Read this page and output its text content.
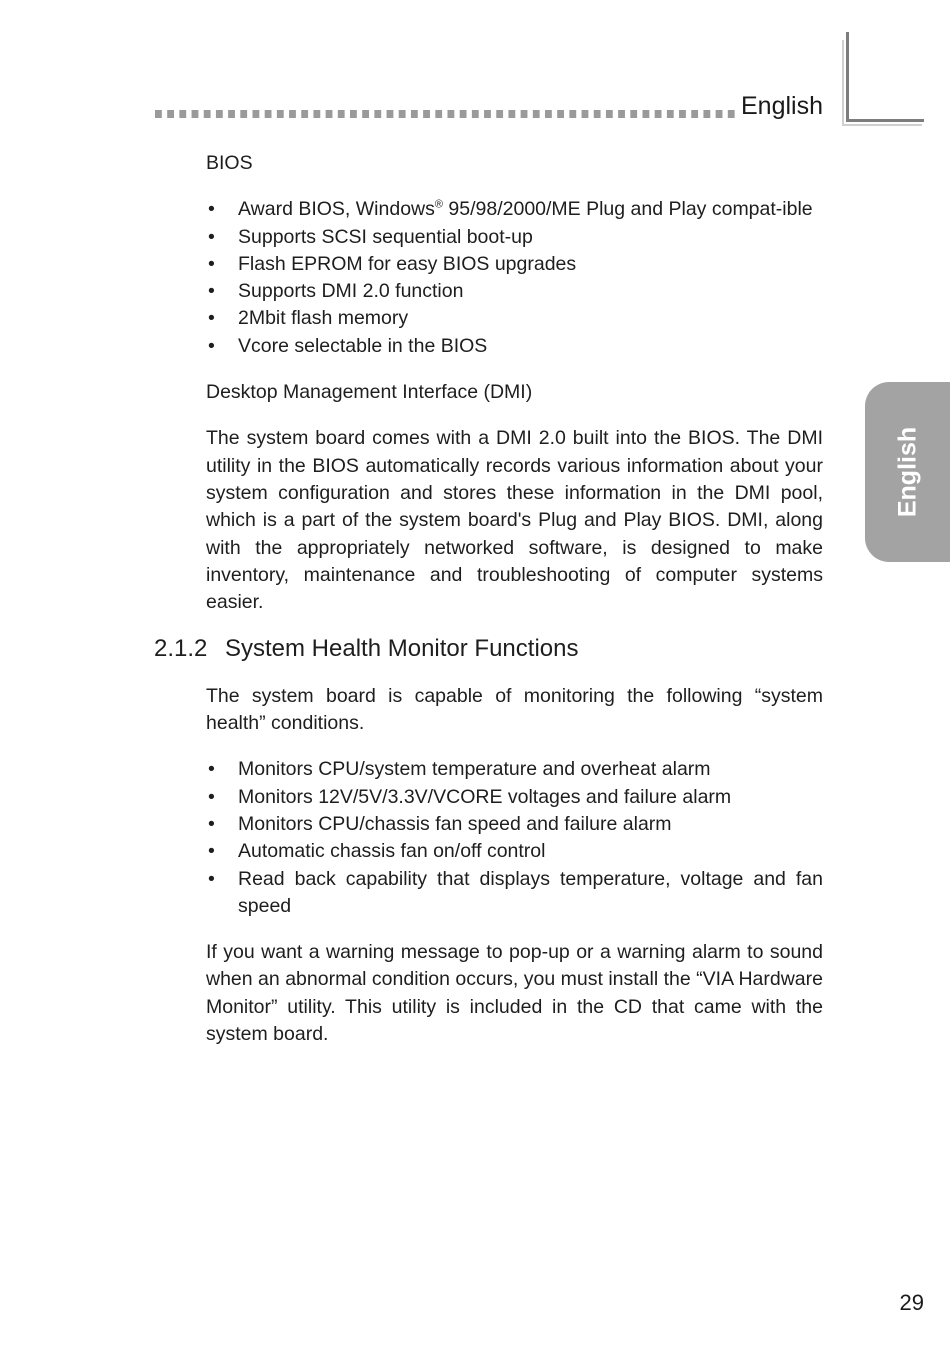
English
English
BIOS
• Award BIOS, Windows® 95/98/2000/ME Plug and Play compat-ible
• Supports SCSI sequential boot-up
• Flash EPROM for easy BIOS upgrades
• Supports DMI 2.0 function
• 2Mbit flash memory
• Vcore selectable in the BIOS
Desktop Management Interface (DMI)

The system board comes with a DMI 2.0 built into the BIOS. The DMI utility in the BIOS automatically records various information about your system configuration and stores these information in the DMI pool, which is a part of the system board's Plug and Play BIOS. DMI, along with the appropriately networked software, is designed to make inventory, maintenance and troubleshooting of computer systems easier.

2.1.2 System Health Monitor Functions

The system board is capable of monitoring the following “system health” conditions.

• Monitors CPU/system temperature and overheat alarm
• Monitors 12V/5V/3.3V/VCORE voltages and failure alarm
• Monitors CPU/chassis fan speed and failure alarm
• Automatic chassis fan on/off control
• Read back capability that displays temperature, voltage and fan speed

If you want a warning message to pop-up or a warning alarm to sound when an abnormal condition occurs, you must install the “VIA Hardware Monitor” utility. This utility is included in the CD that came with the system board.

29
